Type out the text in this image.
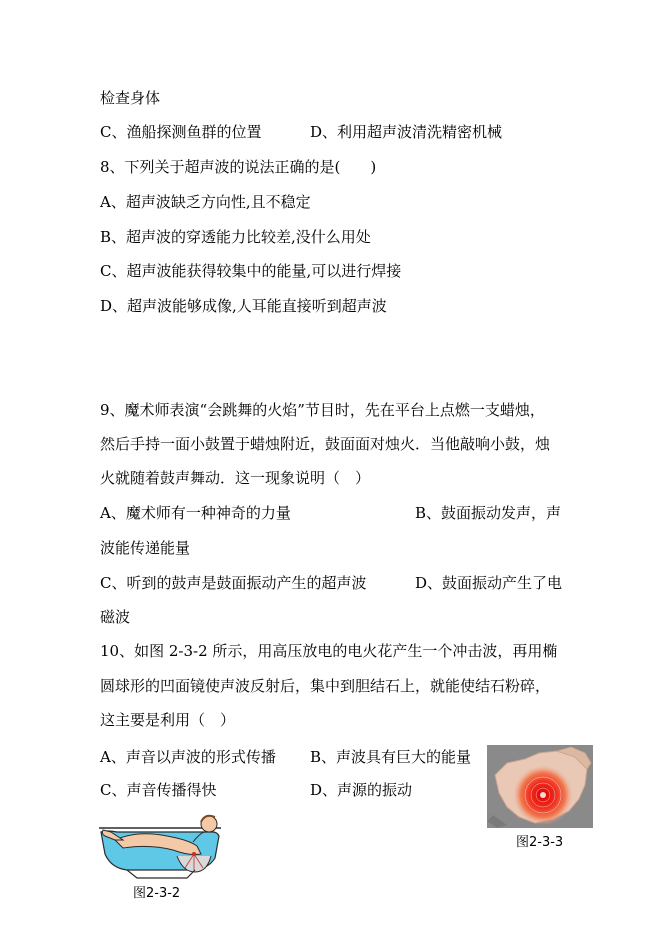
检查身体
C、渔船探测鱼群的位置	D、利用超声波清洗精密机械
8、下列关于超声波的说法正确的是(　　)
A、超声波缺乏方向性,且不稳定
B、超声波的穿透能力比较差,没什么用处
C、超声波能获得较集中的能量,可以进行焊接
D、超声波能够成像,人耳能直接听到超声波
9、魔术师表演“会跳舞的火焰”节目时，先在平台上点燃一支蜡烛，
然后手持一面小鼓置于蜡烛附近，鼓面面对烛火．当他敲响小鼓，烛
火就随着鼓声舞动．这一现象说明（　）
A、魔术师有一种神奇的力量	B、鼓面振动发声，声
波能传递能量
C、听到的鼓声是鼓面振动产生的超声波	D、鼓面振动产生了电
磁波
10、如图 2-3-2 所示，用高压放电的电火花产生一个冲击波，再用椭
圆球形的凹面镜使声波反射后，集中到胆结石上，就能使结石粉碎，
这主要是利用（　）
A、声音以声波的形式传播 B、声波具有巨大的能量
C、声音传播得快	D、声源的振动
图2-3-3
图2-3-2
